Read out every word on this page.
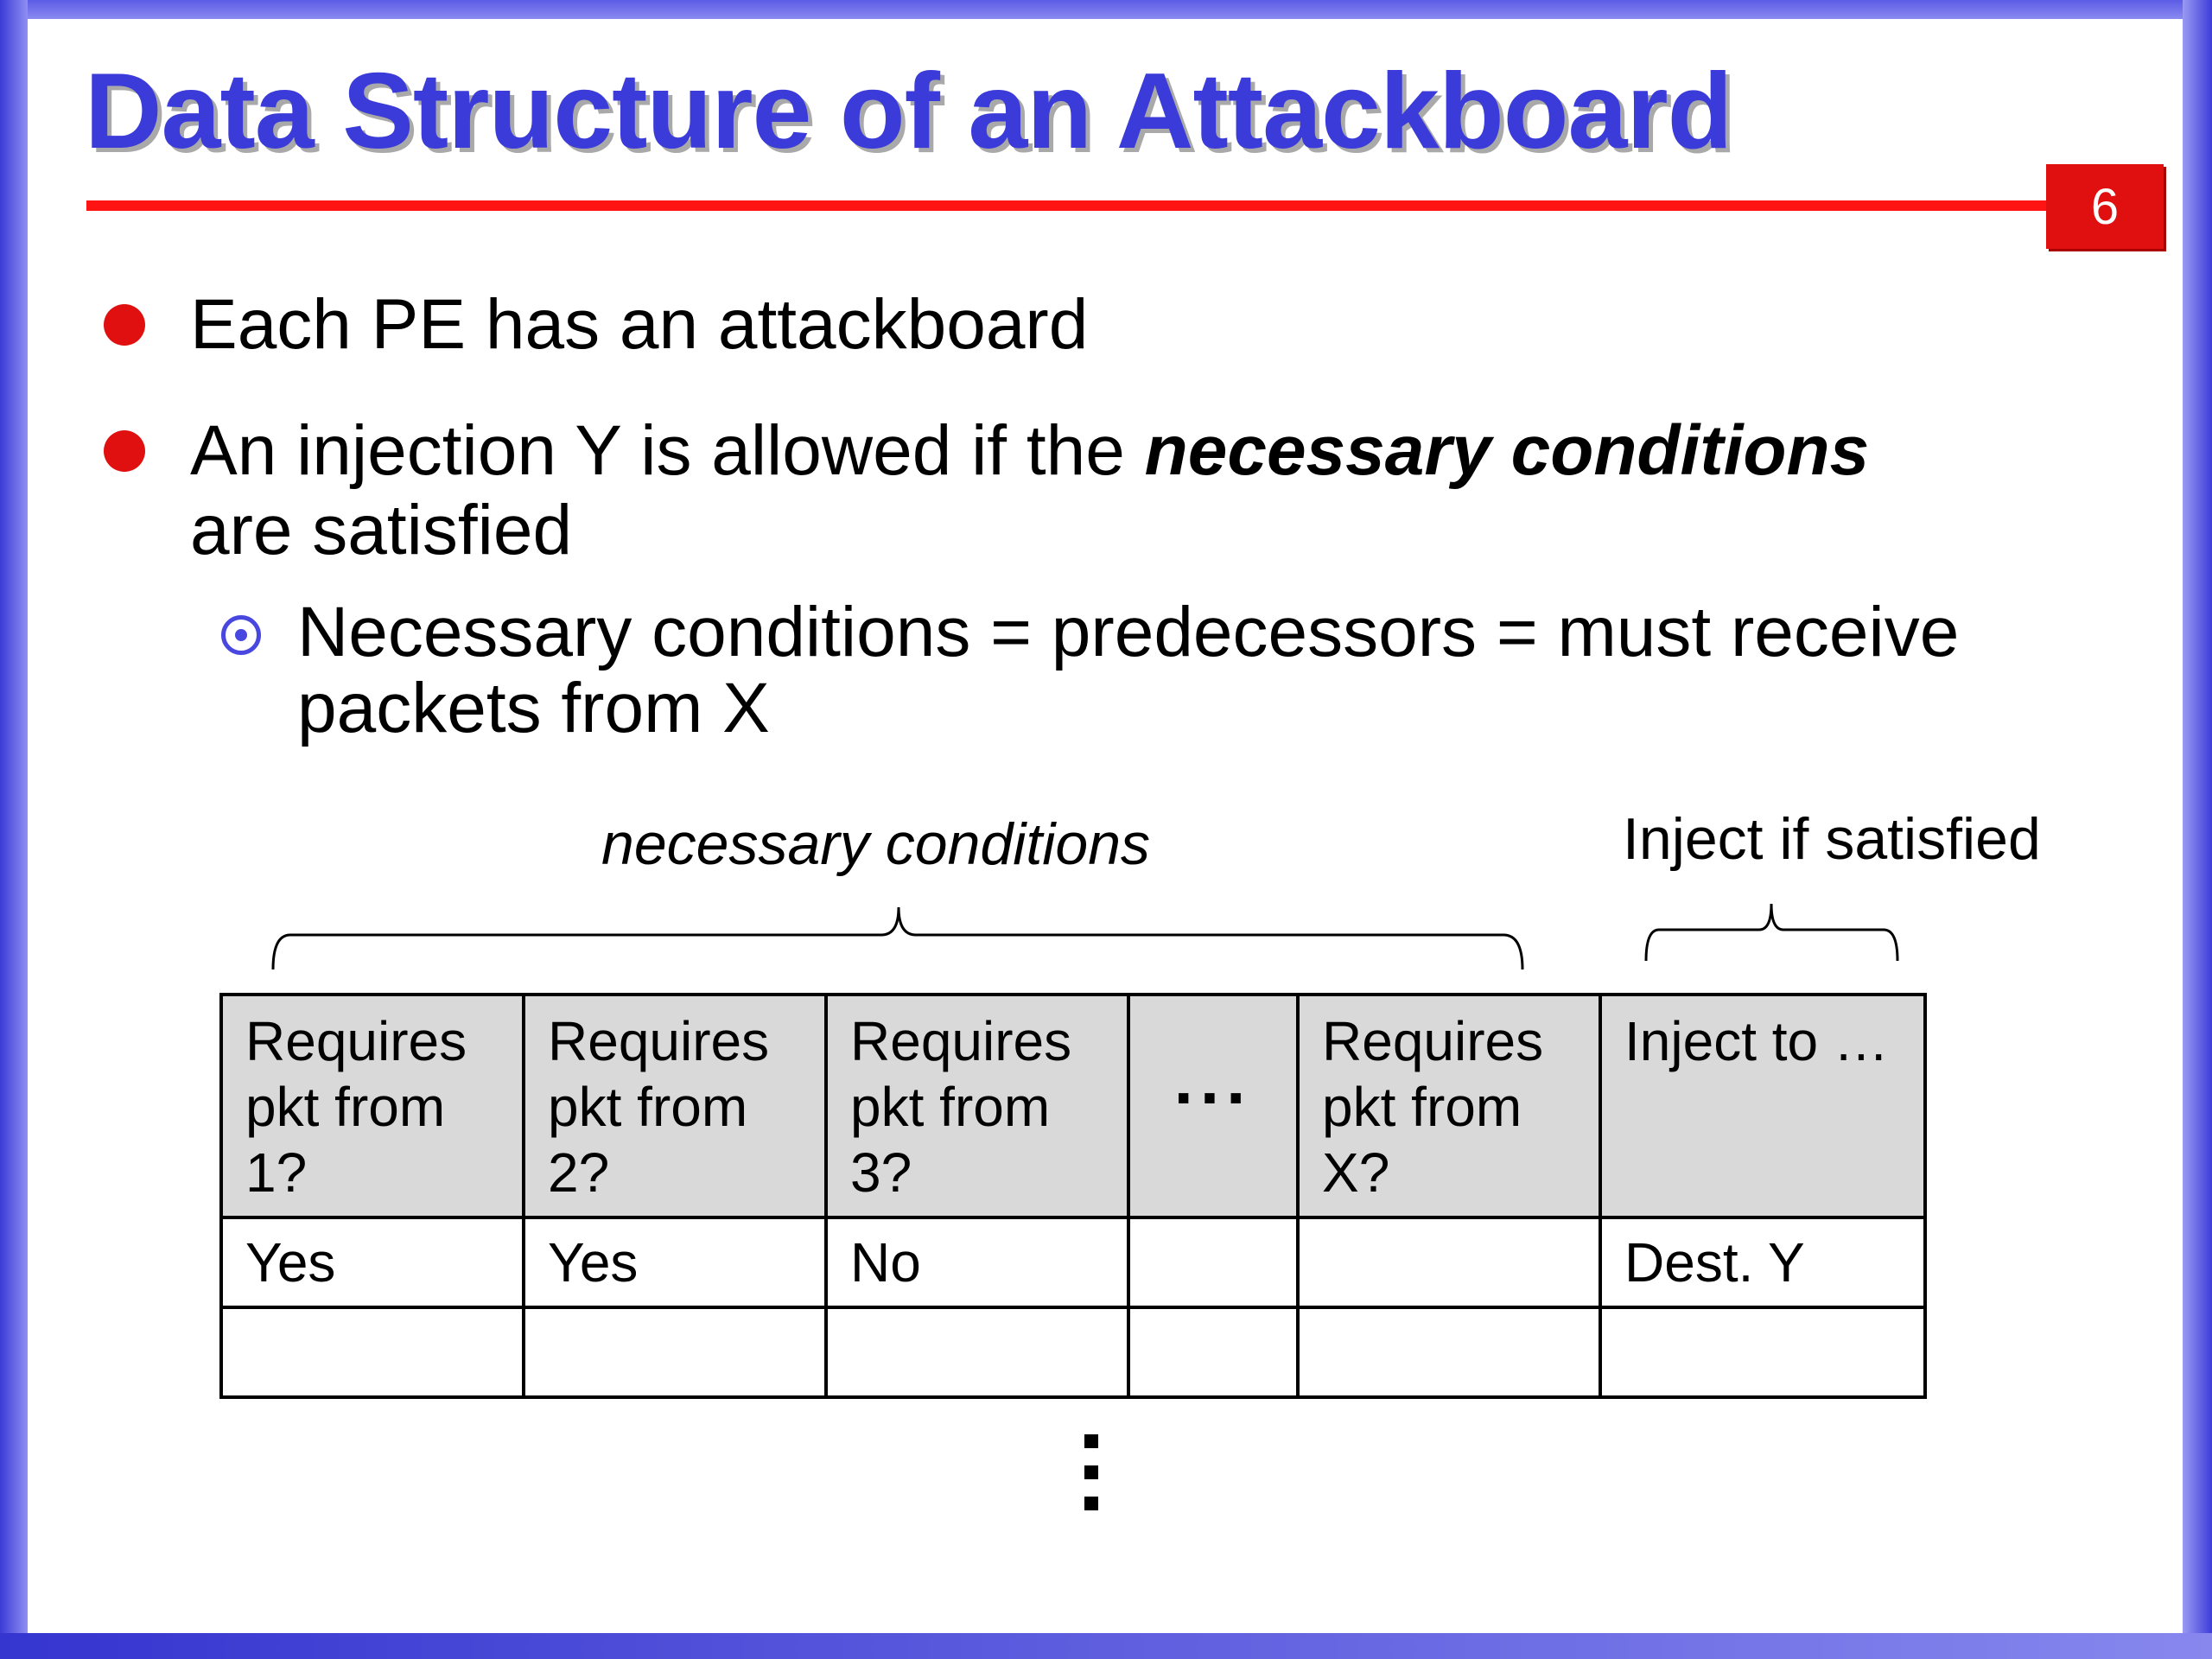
Data Structure of an Attackboard
6
Each PE has an attackboard
An injection Y is allowed if the necessary conditions
are satisfied
Necessary conditions = predecessors = must receive
packets from X
necessary conditions	Inject if satisfied
Requires
pkt from
1?	Requires
pkt from
2?	Requires
pkt from
3?	...	Requires
pkt from
X?	Inject to …

Yes	Yes	No			Dest. Y
